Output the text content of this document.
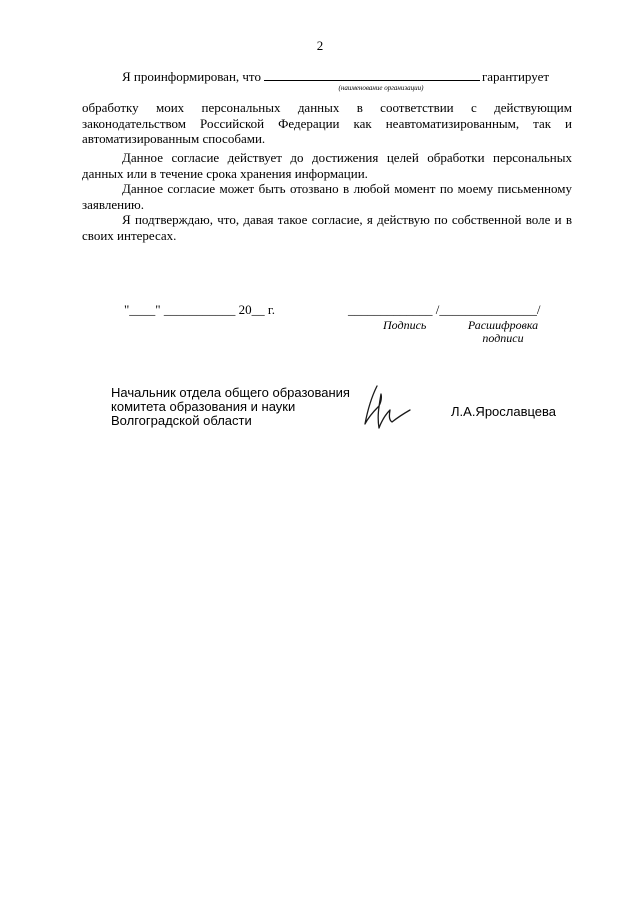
2
Я проинформирован, что	гарантирует
(наименование организации)
обработку моих персональных данных в соответствии с действующим законодательством Российской Федерации как неавтоматизированным, так и автоматизированным способами.
Данное согласие действует до достижения целей обработки персональных данных или в течение срока хранения информации.
Данное согласие может быть отозвано в любой момент по моему письменному заявлению.
Я подтверждаю, что, давая такое согласие, я действую по собственной воле и в своих интересах.
"____" ___________ 20__ г.	_____________ /_______________/
Подпись	Расшифровка подписи
Начальник отдела общего образования комитета образования и науки Волгоградской области
Л.А.Ярославцева
